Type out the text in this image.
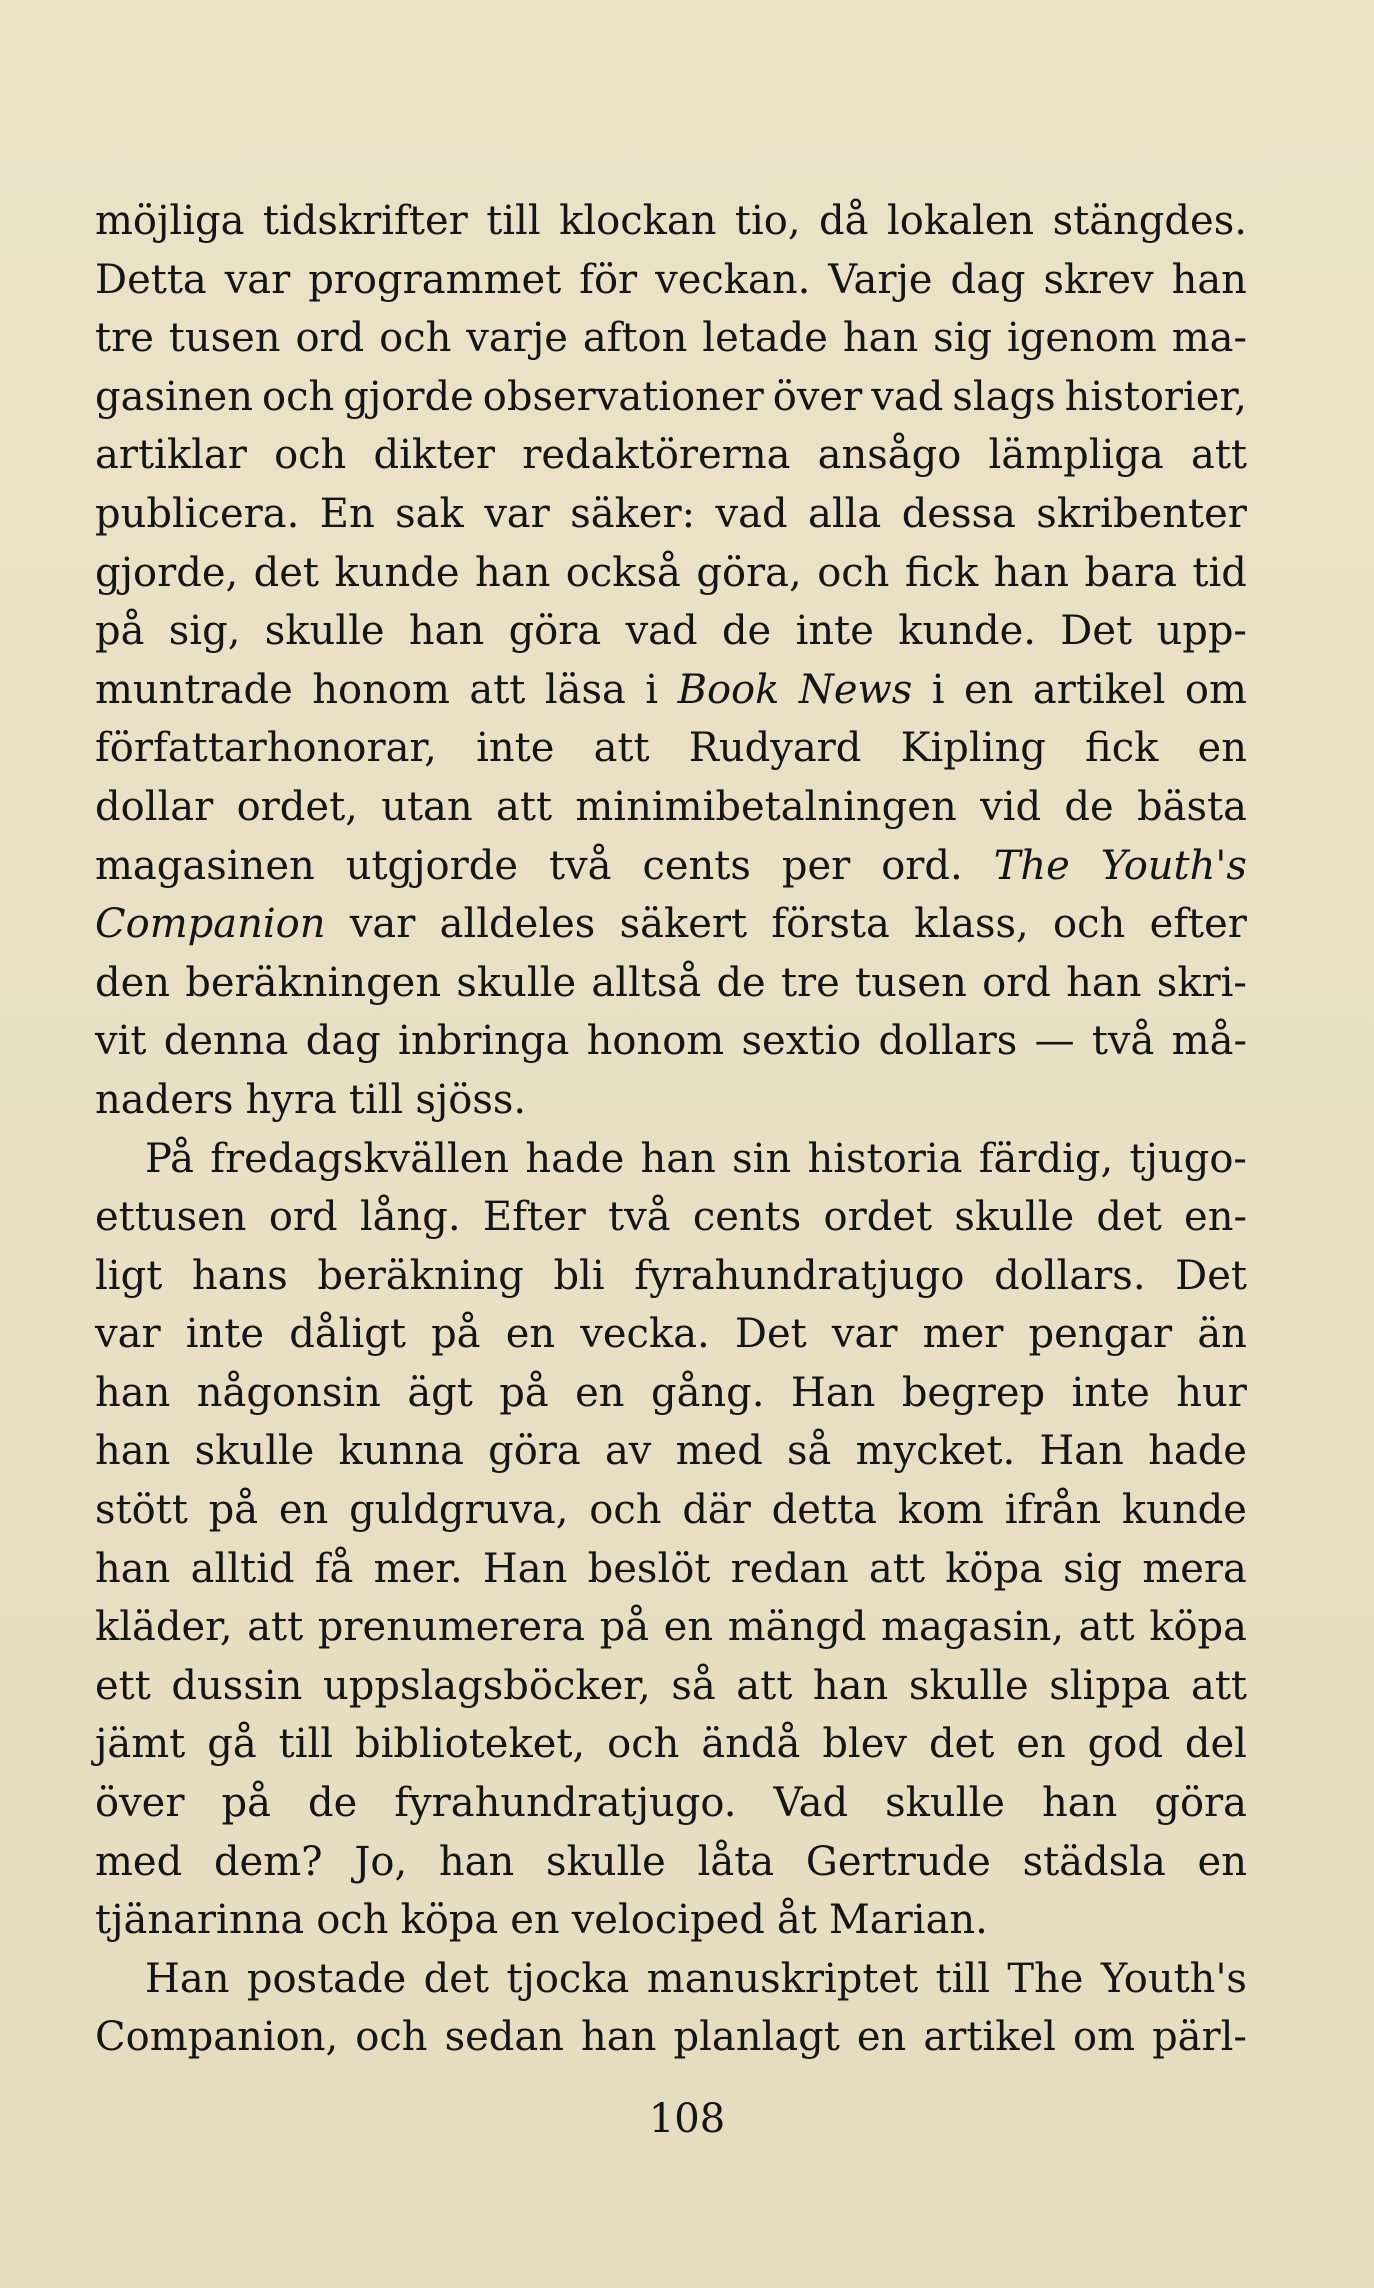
möjliga tidskrifter till klockan tio, då lokalen stängdes.
Detta var programmet för veckan. Varje dag skrev han
tre tusen ord och varje afton letade han sig igenom ma-
gasinen och gjorde observationer över vad slags historier,
artiklar och dikter redaktörerna ansågo lämpliga att
publicera. En sak var säker: vad alla dessa skribenter
gjorde, det kunde han också göra, och fick han bara tid
på sig, skulle han göra vad de inte kunde. Det upp-
muntrade honom att läsa i Book News i en artikel om
författarhonorar, inte att Rudyard Kipling fick en
dollar ordet, utan att minimibetalningen vid de bästa
magasinen utgjorde två cents per ord. The Youth's
Companion var alldeles säkert första klass, och efter
den beräkningen skulle alltså de tre tusen ord han skri-
vit denna dag inbringa honom sextio dollars — två må-
naders hyra till sjöss.
På fredagskvällen hade han sin historia färdig, tjugo-
ettusen ord lång. Efter två cents ordet skulle det en-
ligt hans beräkning bli fyrahundratjugo dollars. Det
var inte dåligt på en vecka. Det var mer pengar än
han någonsin ägt på en gång. Han begrep inte hur
han skulle kunna göra av med så mycket. Han hade
stött på en guldgruva, och där detta kom ifrån kunde
han alltid få mer. Han beslöt redan att köpa sig mera
kläder, att prenumerera på en mängd magasin, att köpa
ett dussin uppslagsböcker, så att han skulle slippa att
jämt gå till biblioteket, och ändå blev det en god del
över på de fyrahundratjugo. Vad skulle han göra
med dem? Jo, han skulle låta Gertrude städsla en
tjänarinna och köpa en velociped åt Marian.
Han postade det tjocka manuskriptet till The Youth's
Companion, och sedan han planlagt en artikel om pärl-
108
